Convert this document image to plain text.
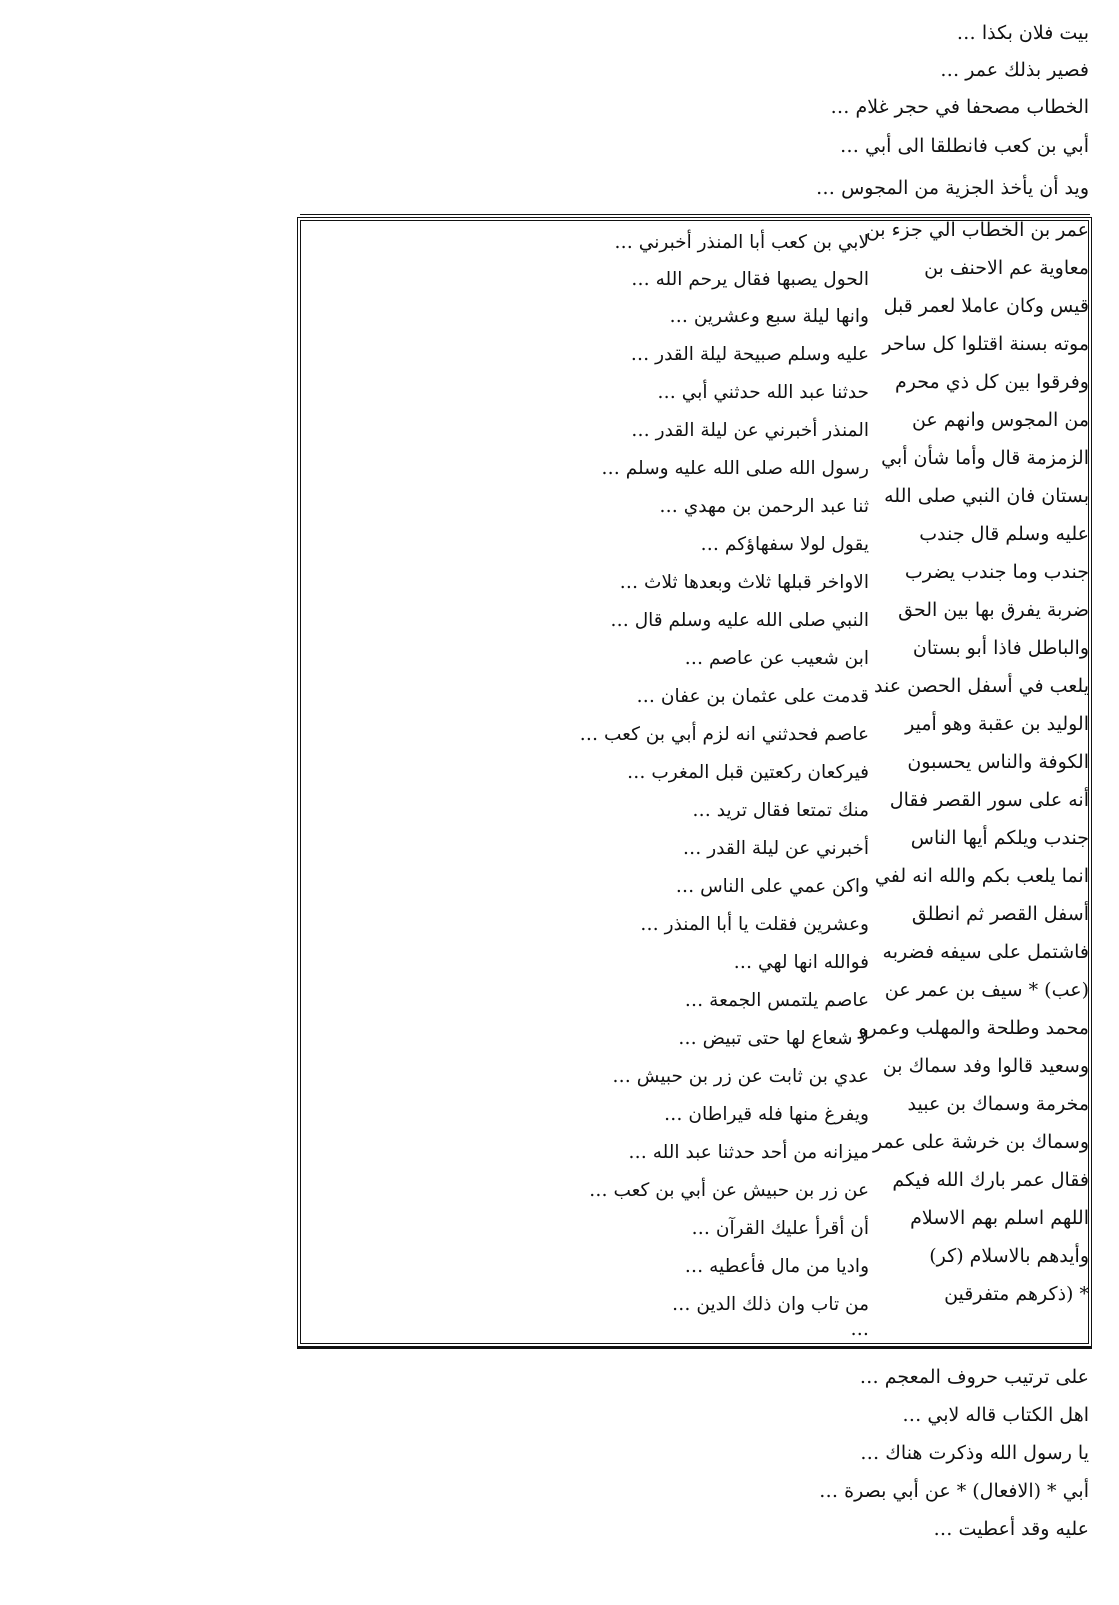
بيت فلان بكذا …
فصير بذلك عمر …
الخطاب مصحفا في حجر غلام …
أبي بن كعب فانطلقا الى أبي …
ويد أن يأخذ الجزية من المجوس …
لابي بن كعب أبا المنذر أخبرني …
الحول يصبها فقال يرحم الله …
وانها ليلة سبع وعشرين …
عليه وسلم صبيحة ليلة القدر …
حدثنا عبد الله حدثني أبي …
المنذر أخبرني عن ليلة القدر …
رسول الله صلى الله عليه وسلم …
ثنا عبد الرحمن بن مهدي …
يقول لولا سفهاؤكم …
الاواخر قبلها ثلاث وبعدها ثلاث …
النبي صلى الله عليه وسلم قال …
ابن شعيب عن عاصم …
قدمت على عثمان بن عفان …
عاصم فحدثني انه لزم أبي بن كعب …
فيركعان ركعتين قبل المغرب …
منك تمتعا فقال تريد …
أخبرني عن ليلة القدر …
واكن عمي على الناس …
وعشرين فقلت يا أبا المنذر …
فوالله انها لهي …
عاصم يلتمس الجمعة …
لا شعاع لها حتى تبيض …
عدي بن ثابت عن زر بن حبيش …
ويفرغ منها فله قيراطان …
ميزانه من أحد حدثنا عبد الله …
عن زر بن حبيش عن أبي بن كعب …
أن أقرأ عليك القرآن …
واديا من مال فأعطيه …
من تاب وان ذلك الدين …
…
عمر بن الخطاب الي جزء بن
معاوية عم الاحنف بن
قيس وكان عاملا لعمر قبل
موته بسنة اقتلوا كل ساحر
وفرقوا بين كل ذي محرم
من المجوس وانهم عن
الزمزمة قال وأما شأن أبي
بستان فان النبي صلى الله
عليه وسلم قال جندب
جندب وما جندب يضرب
ضربة يفرق بها بين الحق
والباطل فاذا أبو بستان
يلعب في أسفل الحصن عند
الوليد بن عقبة وهو أمير
الكوفة والناس يحسبون
أنه على سور القصر فقال
جندب ويلكم أيها الناس
انما يلعب بكم والله انه لفي
أسفل القصر ثم انطلق
فاشتمل على سيفه فضربه
(عب) * سيف بن عمر عن
محمد وطلحة والمهلب وعمرو
وسعيد قالوا وفد سماك بن
مخرمة وسماك بن عبيد
وسماك بن خرشة على عمر
فقال عمر بارك الله فيكم
اللهم اسلم بهم الاسلام
وأيدهم بالاسلام (كر)
* (ذكرهم متفرقين
على ترتيب حروف المعجم …
اهل الكتاب قاله لابي …
يا رسول الله وذكرت هناك …
أبي * (الافعال) * عن أبي بصرة …
عليه وقد أعطيت …
